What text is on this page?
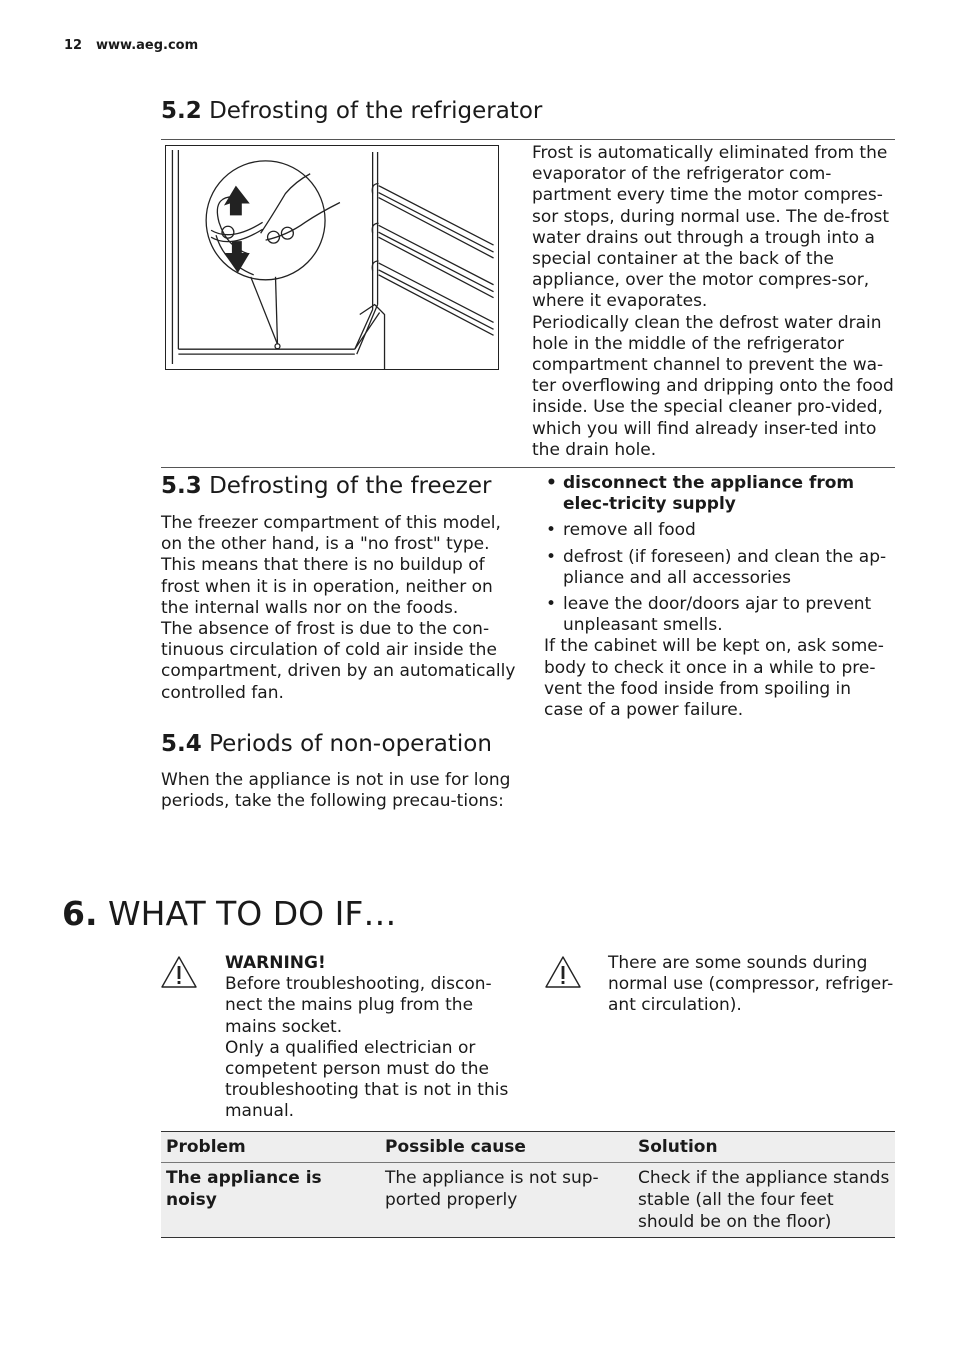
12 www.aeg.com
5.2 Defrosting of the refrigerator

Frost is automatically eliminated from the evaporator of the refrigerator com-partment every time the motor compres-sor stops, during normal use. The de-frost water drains out through a trough into a special container at the back of the appliance, over the motor compres-sor, where it evaporates.

Periodically clean the defrost water drain hole in the middle of the refrigerator compartment channel to prevent the wa-ter overflowing and dripping onto the food inside. Use the special cleaner pro-vided, which you will find already inser-ted into the drain hole.

5.3 Defrosting of the freezer

The freezer compartment of this model, on the other hand, is a "no frost" type. This means that there is no buildup of frost when it is in operation, neither on the internal walls nor on the foods.

The absence of frost is due to the con-tinuous circulation of cold air inside the compartment, driven by an automatically controlled fan.

5.4 Periods of non-operation

When the appliance is not in use for long periods, take the following precau-tions:

• disconnect the appliance from elec-tricity supply
• remove all food
• defrost (if foreseen) and clean the ap-pliance and all accessories
• leave the door/doors ajar to prevent unpleasant smells.

If the cabinet will be kept on, ask some-body to check it once in a while to pre-vent the food inside from spoiling in case of a power failure.

6. WHAT TO DO IF…

WARNING!

Before troubleshooting, discon-nect the mains plug from the mains socket.

Only a qualified electrician or competent person must do the troubleshooting that is not in this manual.

There are some sounds during normal use (compressor, refriger-ant circulation).

Problem	Possible cause	Solution
The appliance is noisy	The appliance is not sup-ported properly	Check if the appliance stands stable (all the four feet should be on the floor)
